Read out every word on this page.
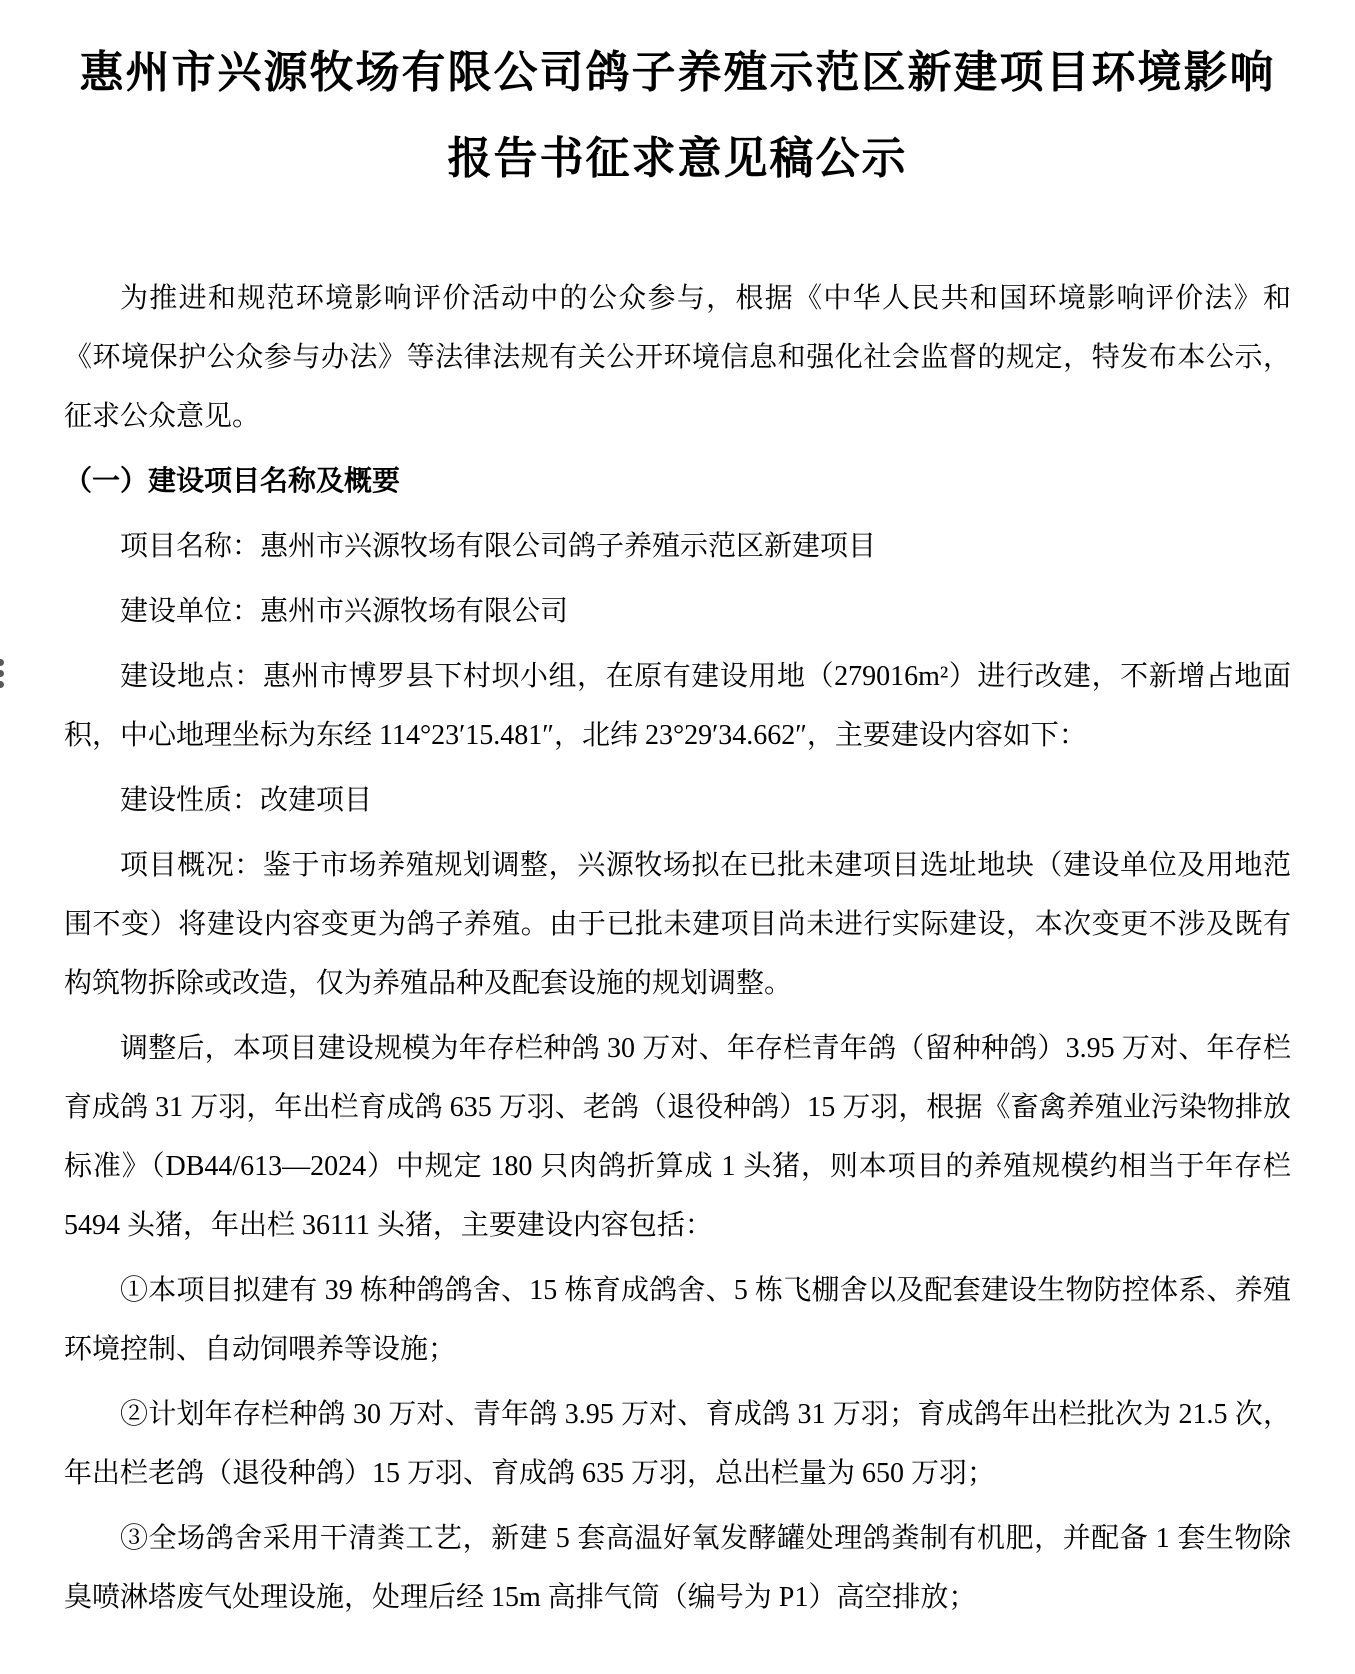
惠州市兴源牧场有限公司鸽子养殖示范区新建项目环境影响
报告书征求意见稿公示

为推进和规范环境影响评价活动中的公众参与，根据《中华人民共和国环境影响评价法》和《环境保护公众参与办法》等法律法规有关公开环境信息和强化社会监督的规定，特发布本公示，征求公众意见。

（一）建设项目名称及概要

项目名称：惠州市兴源牧场有限公司鸽子养殖示范区新建项目

建设单位：惠州市兴源牧场有限公司

建设地点：惠州市博罗县下村坝小组，在原有建设用地（279016m²）进行改建，不新增占地面积，中心地理坐标为东经 114°23′15.481″，北纬 23°29′34.662″，主要建设内容如下：

建设性质：改建项目

项目概况：鉴于市场养殖规划调整，兴源牧场拟在已批未建项目选址地块（建设单位及用地范围不变）将建设内容变更为鸽子养殖。由于已批未建项目尚未进行实际建设，本次变更不涉及既有构筑物拆除或改造，仅为养殖品种及配套设施的规划调整。

调整后，本项目建设规模为年存栏种鸽 30 万对、年存栏青年鸽（留种种鸽）3.95 万对、年存栏育成鸽 31 万羽，年出栏育成鸽 635 万羽、老鸽（退役种鸽）15 万羽，根据《畜禽养殖业污染物排放标准》（DB44/613—2024）中规定 180 只肉鸽折算成 1 头猪，则本项目的养殖规模约相当于年存栏 5494 头猪，年出栏 36111 头猪，主要建设内容包括：

①本项目拟建有 39 栋种鸽鸽舍、15 栋育成鸽舍、5 栋飞棚舍以及配套建设生物防控体系、养殖环境控制、自动饲喂养等设施；

②计划年存栏种鸽 30 万对、青年鸽 3.95 万对、育成鸽 31 万羽；育成鸽年出栏批次为 21.5 次，年出栏老鸽（退役种鸽）15 万羽、育成鸽 635 万羽，总出栏量为 650 万羽；

③全场鸽舍采用干清粪工艺，新建 5 套高温好氧发酵罐处理鸽粪制有机肥，并配备 1 套生物除臭喷淋塔废气处理设施，处理后经 15m 高排气筒（编号为 P1）高空排放；
